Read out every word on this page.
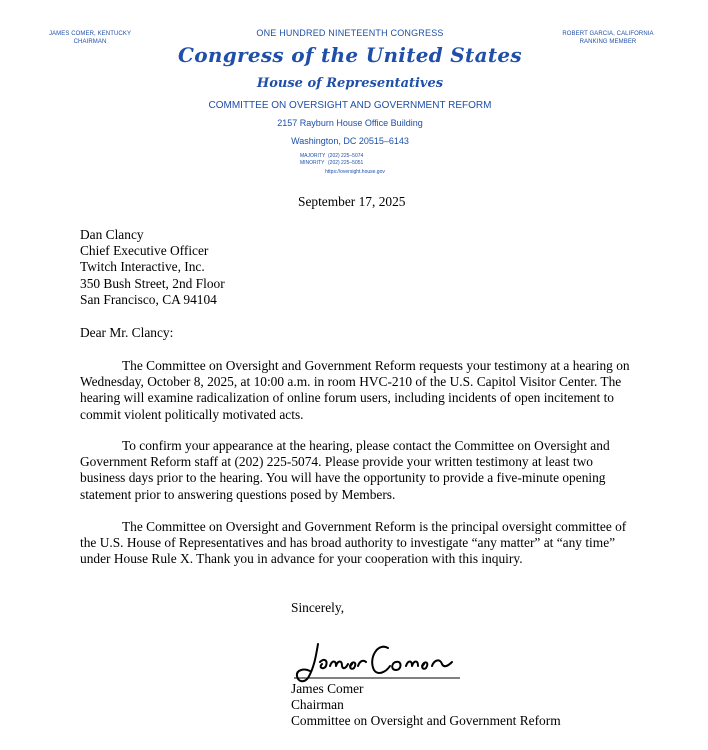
JAMES COMER, KENTUCKY
CHAIRMAN
ROBERT GARCIA, CALIFORNIA
RANKING MEMBER
ONE HUNDRED NINETEENTH CONGRESS
Congress of the United States
House of Representatives
COMMITTEE ON OVERSIGHT AND GOVERNMENT REFORM
2157 Rayburn House Office Building
Washington, DC 20515–6143
MAJORITY (202) 225–5074
MINORITY (202) 225–5051
https://oversight.house.gov
September 17, 2025
Dan Clancy
Chief Executive Officer
Twitch Interactive, Inc.
350 Bush Street, 2nd Floor
San Francisco, CA 94104
Dear Mr. Clancy:
The Committee on Oversight and Government Reform requests your testimony at a hearing on Wednesday, October 8, 2025, at 10:00 a.m. in room HVC-210 of the U.S. Capitol Visitor Center. The hearing will examine radicalization of online forum users, including incidents of open incitement to commit violent politically motivated acts.
To confirm your appearance at the hearing, please contact the Committee on Oversight and Government Reform staff at (202) 225-5074. Please provide your written testimony at least two business days prior to the hearing. You will have the opportunity to provide a five-minute opening statement prior to answering questions posed by Members.
The Committee on Oversight and Government Reform is the principal oversight committee of the U.S. House of Representatives and has broad authority to investigate “any matter” at “any time” under House Rule X. Thank you in advance for your cooperation with this inquiry.
Sincerely,
James Comer
Chairman
Committee on Oversight and Government Reform
